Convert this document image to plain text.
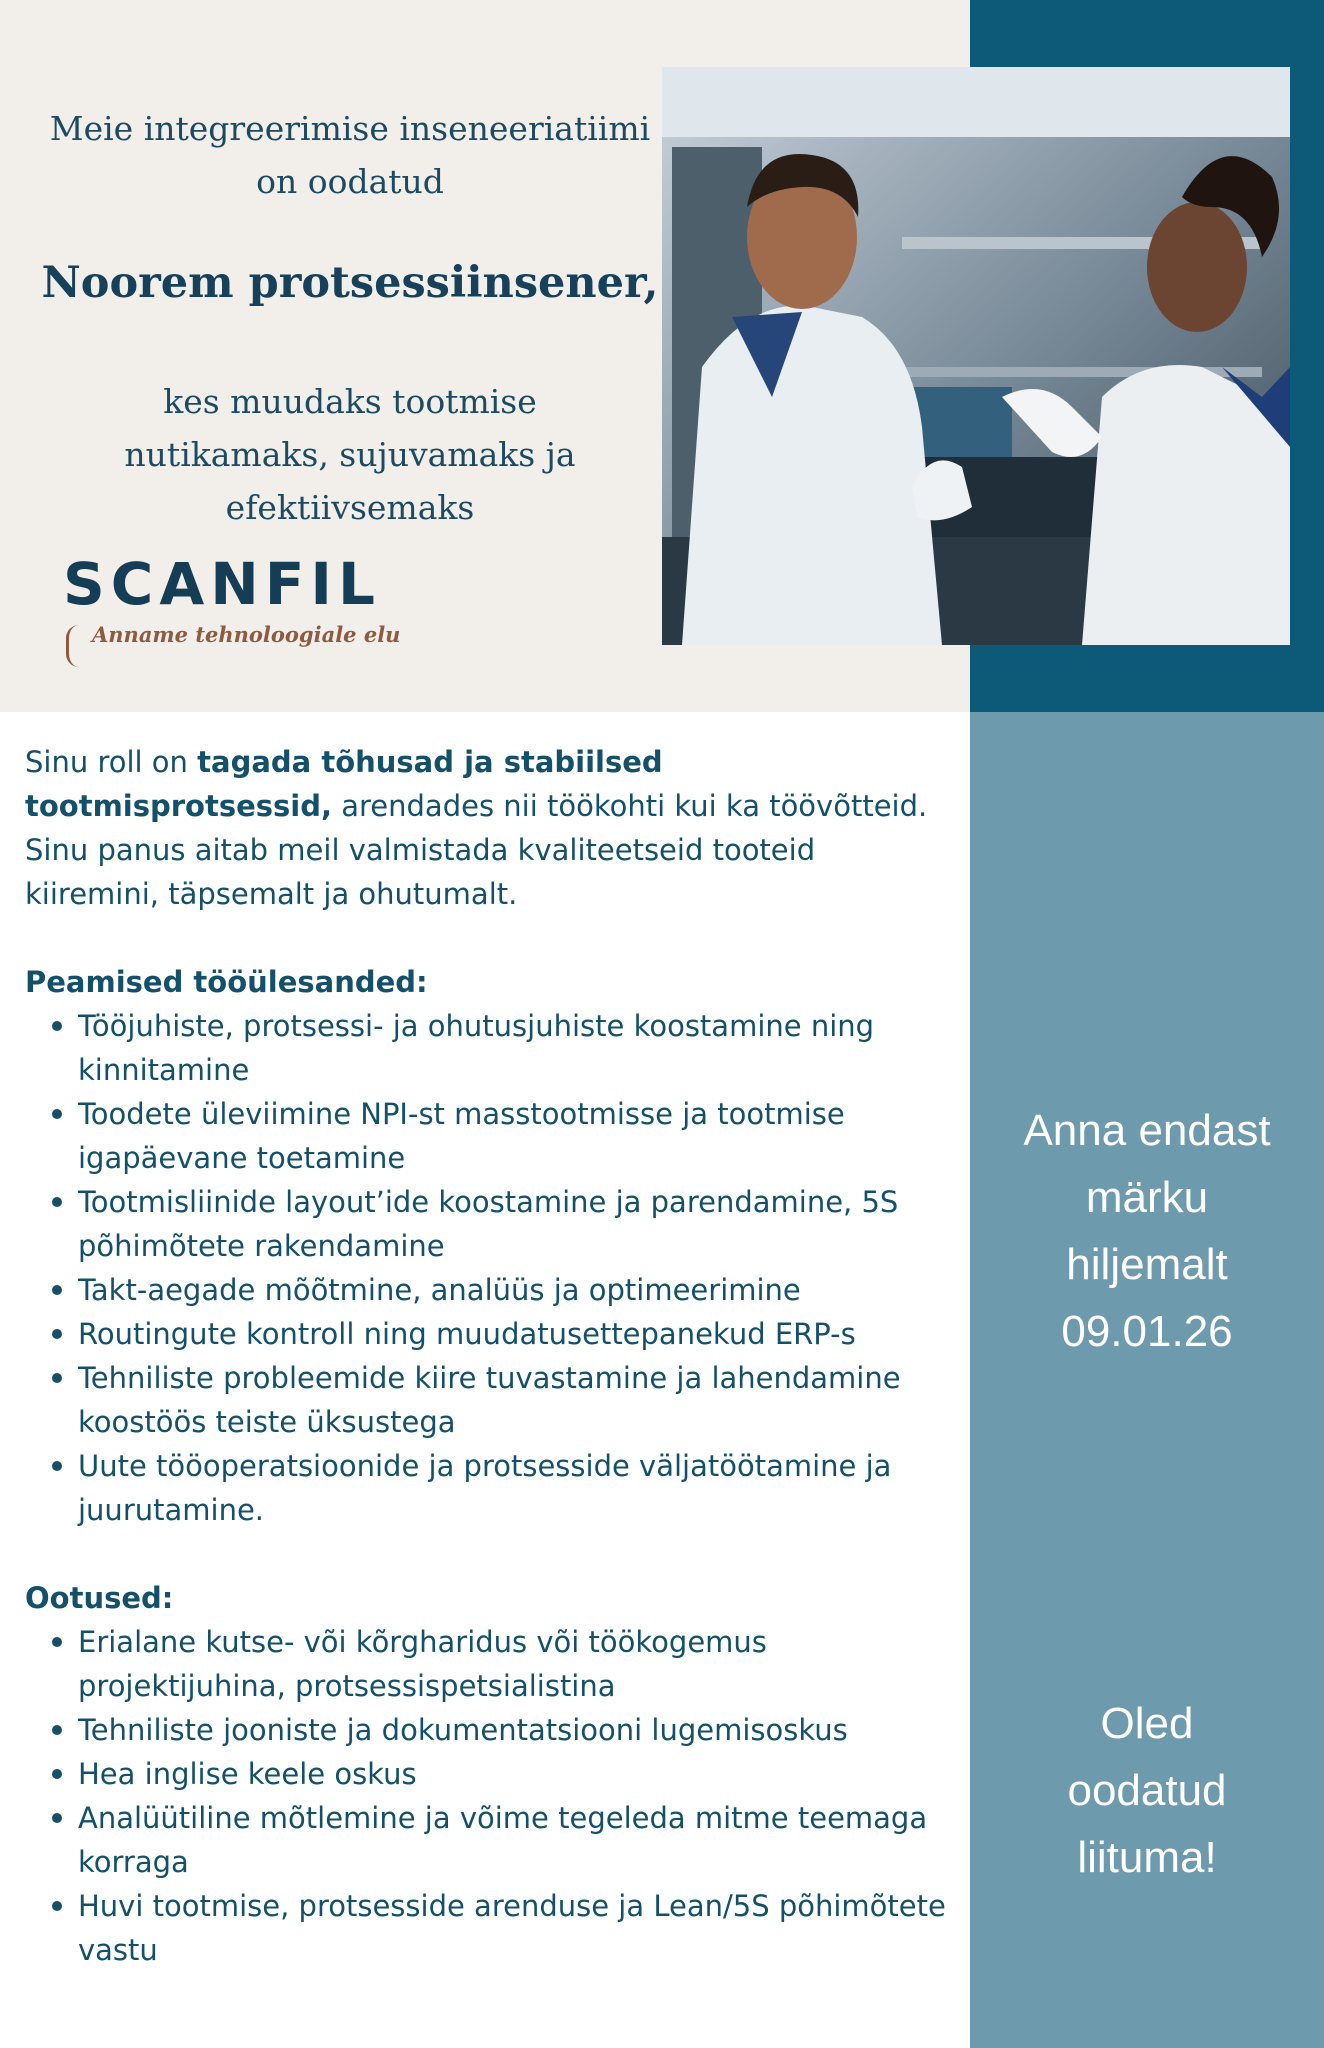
Meie integreerimise inseneeriatiimi
on oodatud
Noorem protsessiinsener,
kes muudaks tootmise
nutikamaks, sujuvamaks ja
efektiivsemaks
SCANFIL
Anname tehnoloogiale elu

Sinu roll on tagada tõhusad ja stabiilsed tootmisprotsessid, arendades nii töökohti kui ka töövõtteid. Sinu panus aitab meil valmistada kvaliteetseid tooteid kiiremini, täpsemalt ja ohutumalt.

Peamised tööülesanded:

Tööjuhiste, protsessi- ja ohutusjuhiste koostamine ning kinnitamine
Toodete üleviimine NPI-st masstootmisse ja tootmise igapäevane toetamine
Tootmisliinide layout’ide koostamine ja parendamine, 5S põhimõtete rakendamine
Takt-aegade mõõtmine, analüüs ja optimeerimine
Routingute kontroll ning muudatusettepanekud ERP-s
Tehniliste probleemide kiire tuvastamine ja lahendamine koostöös teiste üksustega
Uute tööoperatsioonide ja protsesside väljatöötamine ja juurutamine.

Ootused:

Erialane kutse- või kõrgharidus või töökogemus projektijuhina, protsessispetsialistina
Tehniliste jooniste ja dokumentatsiooni lugemisoskus
Hea inglise keele oskus
Analüütiline mõtlemine ja võime tegeleda mitme teemaga korraga
Huvi tootmise, protsesside arenduse ja Lean/5S põhimõtete vastu
Anna endast
märku
hiljemalt
09.01.26
Oled
oodatud
liituma!
